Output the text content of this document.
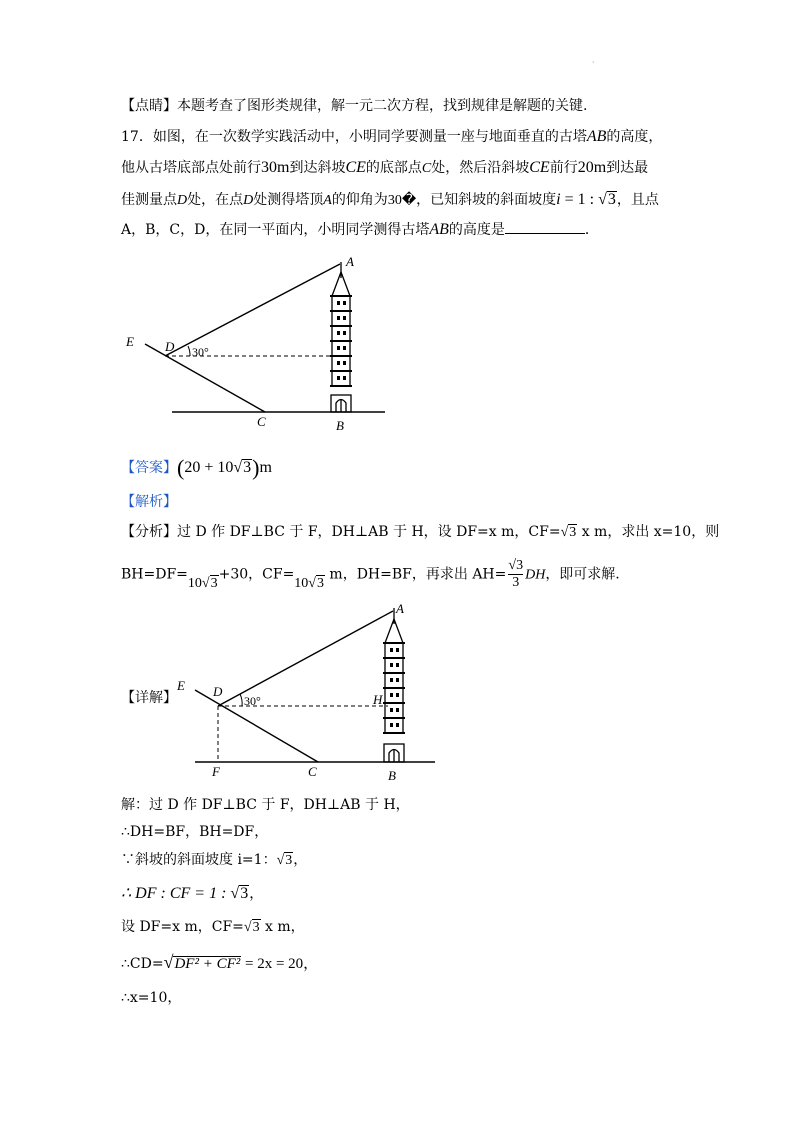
·
【点睛】本题考查了图形类规律，解一元二次方程，找到规律是解题的关键.
17．如图，在一次数学实践活动中，小明同学要测量一座与地面垂直的古塔AB的高度，
他从古塔底部点处前行30m到达斜坡CE的底部点C处，然后沿斜坡CE前行20m到达最
佳测量点D处，在点D处测得塔顶A的仰角为30�，已知斜坡的斜面坡度i = 1 : √3，且点
A，B，C，D，在同一平面内，小明同学测得古塔AB的高度是	．
A
B
C
D
E
30°
【答案】(20 + 10√3)m
【解析】
【分析】过 D 作 DF⊥BC 于 F，DH⊥AB 于 H，设 DF=x m，CF=√3 x m，求出 x=10，则
BH=DF=10√3+30，CF=10√3 m，DH=BF，再求出 $AH= \frac{√3}{3}$ DH，即可求解.
【详解】
A
B
C
D
E
F
H
30°
解：过 D 作 DF⊥BC 于 F，DH⊥AB 于 H，
∴DH=BF，BH=DF，
∵斜坡的斜面坡度 i=1：√3，
∴ DF : CF = 1 : √3，
设 DF=x m，CF=√3 x m，
∴CD=√DF² + CF² = 2x = 20，
∴x=10，
